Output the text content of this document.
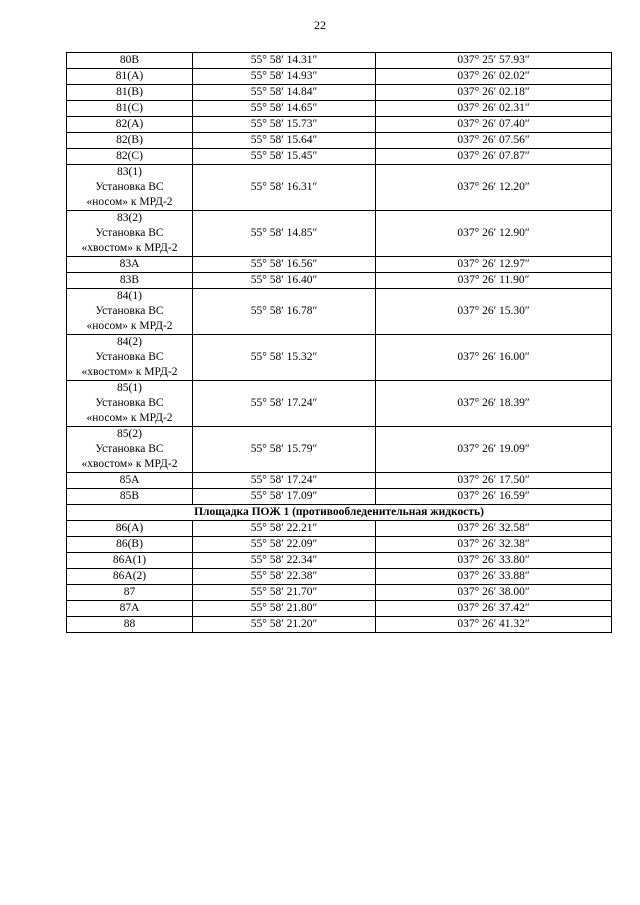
22
80B	55° 58′ 14.31″	037° 25′ 57.93″

81(A)	55° 58′ 14.93″	037° 26′ 02.02″

81(B)	55° 58′ 14.84″	037° 26′ 02.18″

81(C)	55° 58′ 14.65″	037° 26′ 02.31″

82(A)	55° 58′ 15.73″	037° 26′ 07.40″

82(B)	55° 58′ 15.64″	037° 26′ 07.56″

82(C)	55° 58′ 15.45″	037° 26′ 07.87″

83(1)
Установка ВС
«носом» к МРД-2	55° 58′ 16.31″	037° 26′ 12.20″

83(2)
Установка ВС
«хвостом» к МРД-2	55° 58′ 14.85″	037° 26′ 12.90″

83A	55° 58′ 16.56″	037° 26′ 12.97″

83B	55° 58′ 16.40″	037° 26′ 11.90″

84(1)
Установка ВС
«носом» к МРД-2	55° 58′ 16.78″	037° 26′ 15.30″

84(2)
Установка ВС
«хвостом» к МРД-2	55° 58′ 15.32″	037° 26′ 16.00″

85(1)
Установка ВС
«носом» к МРД-2	55° 58′ 17.24″	037° 26′ 18.39″

85(2)
Установка ВС
«хвостом» к МРД-2	55° 58′ 15.79″	037° 26′ 19.09″

85A	55° 58′ 17.24″	037° 26′ 17.50″

85B	55° 58′ 17.09″	037° 26′ 16.59″
Площадка ПОЖ 1 (противообледенительная жидкость)		

86(A)	55° 58′ 22.21″	037° 26′ 32.58″

86(B)	55° 58′ 22.09″	037° 26′ 32.38″

86A(1)	55° 58′ 22.34″	037° 26′ 33.80″

86A(2)	55° 58′ 22.38″	037° 26′ 33.88″

87	55° 58′ 21.70″	037° 26′ 38.00″

87A	55° 58′ 21.80″	037° 26′ 37.42″

88	55° 58′ 21.20″	037° 26′ 41.32″
